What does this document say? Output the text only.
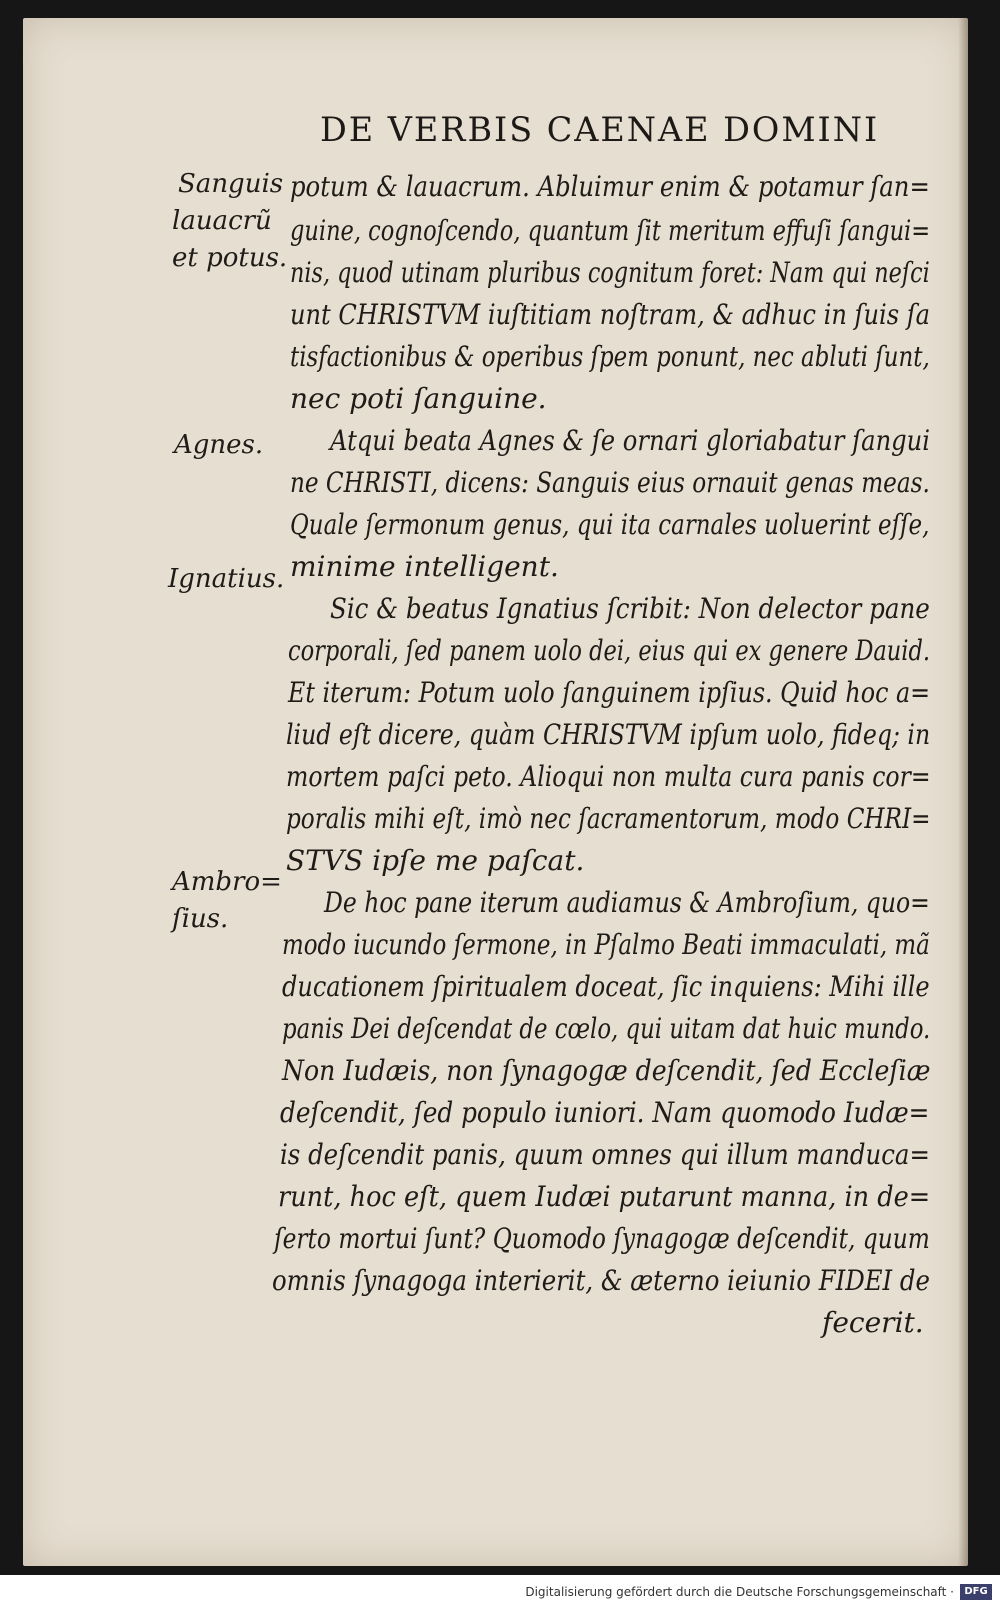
DE VERBIS CAENAE DOMINI
Sanguis
lauacrũ
et potus.
Agnes.
Ignatius.
Ambro=
ſius.
potum & lauacrum. Abluimur enim & potamur ſan=
guine, cognoſcendo, quantum ſit meritum effuſi ſangui=
nis, quod utinam pluribus cognitum foret: Nam qui neſci
unt CHRISTVM iuſtitiam noſtram, & adhuc in ſuis ſa
tisfactionibus & operibus ſpem ponunt, nec abluti ſunt,
nec poti ſanguine.
Atqui beata Agnes & ſe ornari gloriabatur ſangui
ne CHRISTI, dicens: Sanguis eius ornauit genas meas.
Quale ſermonum genus, qui ita carnales uoluerint eſſe,
minime intelligent.
Sic & beatus Ignatius ſcribit: Non delector pane
corporali, ſed panem uolo dei, eius qui ex genere Dauid.
Et iterum: Potum uolo ſanguinem ipſius. Quid hoc a=
liud eſt dicere, quàm CHRISTVM ipſum uolo, fideq; in
mortem paſci peto. Alioqui non multa cura panis cor=
poralis mihi eſt, imò nec ſacramentorum, modo CHRI=
STVS ipſe me paſcat.
De hoc pane iterum audiamus & Ambroſium, quo=
modo iucundo ſermone, in Pſalmo Beati immaculati, mã
ducationem ſpiritualem doceat, ſic inquiens: Mihi ille
panis Dei deſcendat de cœlo, qui uitam dat huic mundo.
Non Iudæis, non ſynagogæ deſcendit, ſed Eccleſiæ
deſcendit, ſed populo iuniori. Nam quomodo Iudæ=
is deſcendit panis, quum omnes qui illum manduca=
runt, hoc eſt, quem Iudæi putarunt manna, in de=
ſerto mortui ſunt? Quomodo ſynagogæ deſcendit, quum
omnis ſynagoga interierit, & æterno ieiunio FIDEI de
fecerit.
Digitalisierung gefördert durch die Deutsche Forschungsgemeinschaft ·	DFG
